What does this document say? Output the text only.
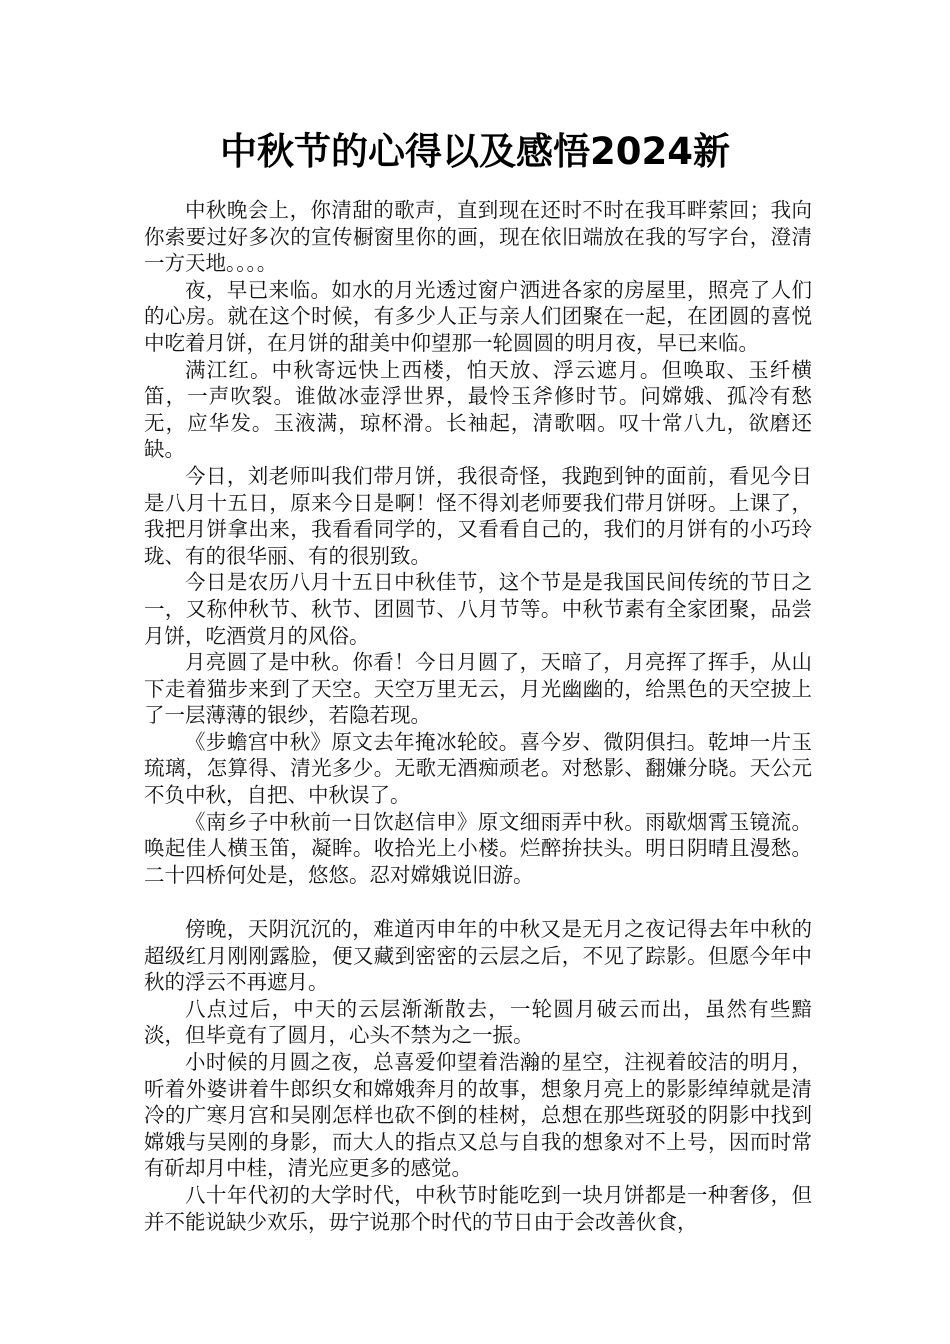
中秋节的心得以及感悟2024新

中秋晚会上，你清甜的歌声，直到现在还时不时在我耳畔萦回；我向你索要过好多次的宣传橱窗里你的画，现在依旧端放在我的写字台，澄清一方天地。。。。

夜，早已来临。如水的月光透过窗户洒进各家的房屋里，照亮了人们的心房。就在这个时候，有多少人正与亲人们团聚在一起，在团圆的喜悦中吃着月饼，在月饼的甜美中仰望那一轮圆圆的明月夜，早已来临。

满江红。中秋寄远快上西楼，怕天放、浮云遮月。但唤取、玉纤横笛，一声吹裂。谁做冰壶浮世界，最怜玉斧修时节。问嫦娥、孤冷有愁无，应华发。玉液满，琼杯滑。长袖起，清歌咽。叹十常八九，欲磨还缺。

今日，刘老师叫我们带月饼，我很奇怪，我跑到钟的面前，看见今日是八月十五日，原来今日是啊！怪不得刘老师要我们带月饼呀。上课了，我把月饼拿出来，我看看同学的，又看看自己的，我们的月饼有的小巧玲珑、有的很华丽、有的很别致。

今日是农历八月十五日中秋佳节，这个节是是我国民间传统的节日之一，又称仲秋节、秋节、团圆节、八月节等。中秋节素有全家团聚，品尝月饼，吃酒赏月的风俗。

月亮圆了是中秋。你看！今日月圆了，天暗了，月亮挥了挥手，从山下走着猫步来到了天空。天空万里无云，月光幽幽的，给黑色的天空披上了一层薄薄的银纱，若隐若现。

《步蟾宫中秋》原文去年掩冰轮皎。喜今岁、微阴俱扫。乾坤一片玉琉璃，怎算得、清光多少。无歌无酒痴顽老。对愁影、翻嫌分晓。天公元不负中秋，自把、中秋误了。

《南乡子中秋前一日饮赵信申》原文细雨弄中秋。雨歇烟霄玉镜流。唤起佳人横玉笛，凝眸。收拾光上小楼。烂醉拚扶头。明日阴晴且漫愁。二十四桥何处是，悠悠。忍对嫦娥说旧游。

傍晚，天阴沉沉的，难道丙申年的中秋又是无月之夜记得去年中秋的超级红月刚刚露脸，便又藏到密密的云层之后，不见了踪影。但愿今年中秋的浮云不再遮月。

八点过后，中天的云层渐渐散去，一轮圆月破云而出，虽然有些黯淡，但毕竟有了圆月，心头不禁为之一振。

小时候的月圆之夜，总喜爱仰望着浩瀚的星空，注视着皎洁的明月，听着外婆讲着牛郎织女和嫦娥奔月的故事，想象月亮上的影影绰绰就是清冷的广寒月宫和吴刚怎样也砍不倒的桂树，总想在那些斑驳的阴影中找到嫦娥与吴刚的身影，而大人的指点又总与自我的想象对不上号，因而时常有斫却月中桂，清光应更多的感觉。

八十年代初的大学时代，中秋节时能吃到一块月饼都是一种奢侈，但并不能说缺少欢乐，毋宁说那个时代的节日由于会改善伙食，
